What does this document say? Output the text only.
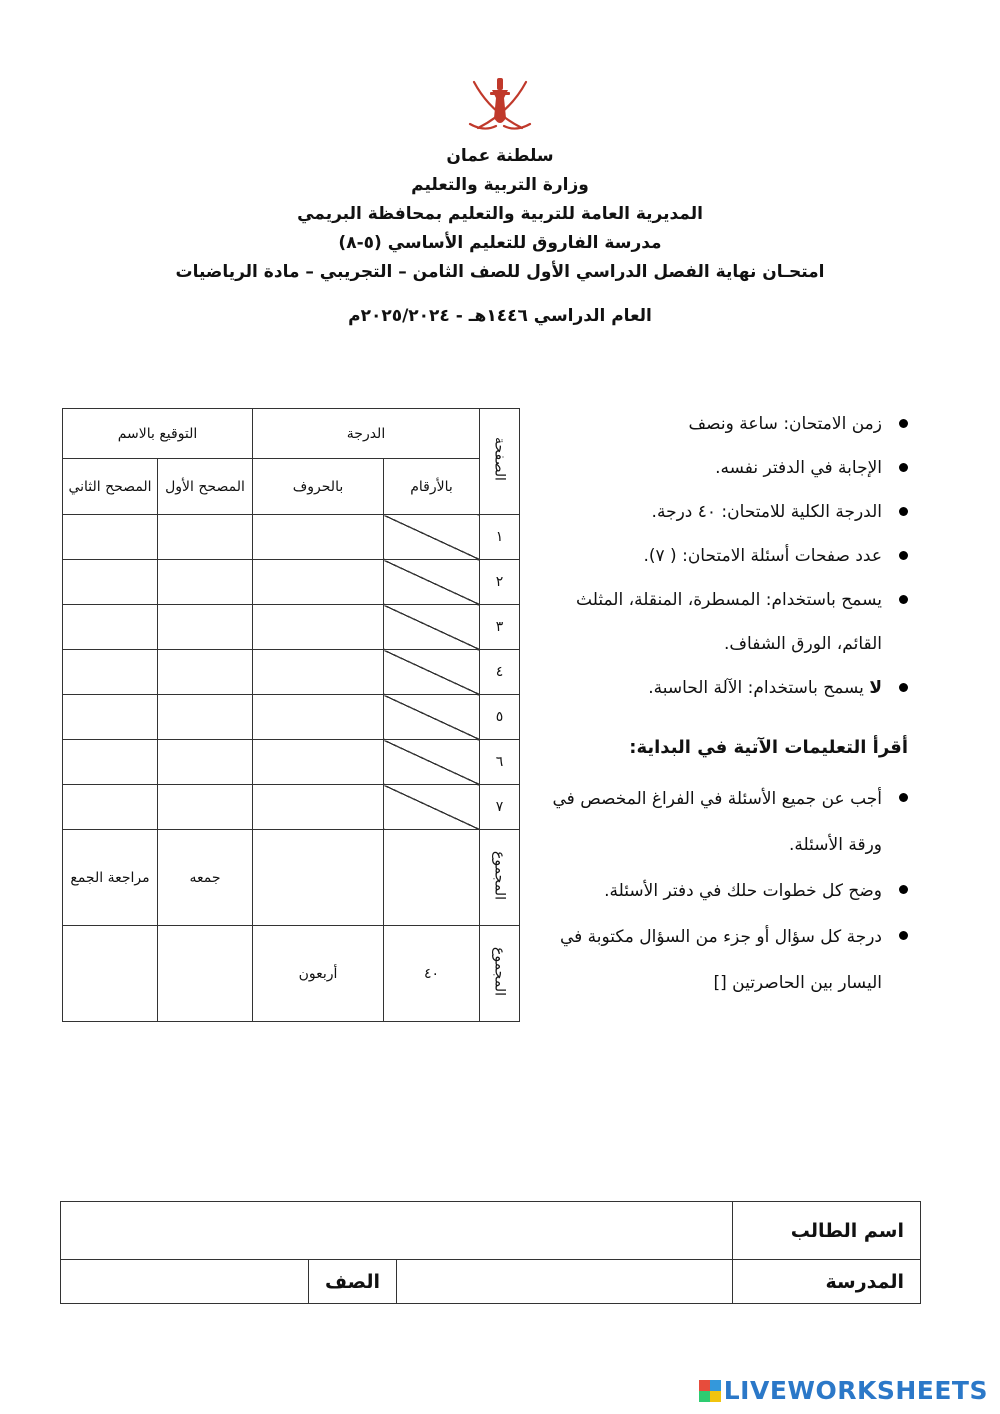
سلطنة عمان
وزارة التربية والتعليم
المديرية العامة للتربية والتعليم بمحافظة البريمي
مدرسة الفاروق للتعليم الأساسي (٥-٨)
امتحـان نهاية الفصل الدراسي الأول للصف الثامن – التجريبي – مادة الرياضيات
العام الدراسي ١٤٤٦هـ - ٢٠٢٥/٢٠٢٤م
التوقيع بالاسم		الدرجة		الصفحة
المصحح الثاني	المصحح الأول	بالحروف	بالأرقام	
				١
				٢
				٣
				٤
				٥
				٦
				٧
مراجعة الجمع	جمعه			المجموع
		أربعون	٤٠	المجموع
زمن الامتحان: ساعة ونصف
الإجابة في الدفتر نفسه.
الدرجة الكلية للامتحان: ٤٠ درجة.
عدد صفحات أسئلة الامتحان: ( ٧).
يسمح باستخدام: المسطرة، المنقلة، المثلث القائم، الورق الشفاف.
لا يسمح باستخدام: الآلة الحاسبة.
أقرأ التعليمات الآتية في البداية:
أجب عن جميع الأسئلة في الفراغ المخصص في ورقة الأسئلة.
وضح كل خطوات حلك في دفتر الأسئلة.
درجة كل سؤال أو جزء من السؤال مكتوبة في اليسار بين الحاصرتين []
اسم الطالب			
المدرسة		الصف	
LIVEWORKSHEETS
